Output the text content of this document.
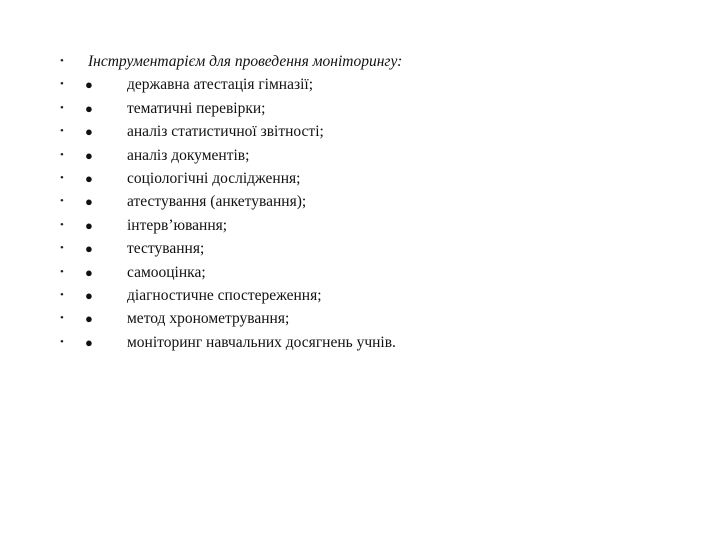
• Інструментарієм для проведення моніторингу:
• ● державна атестація гімназії;
• ● тематичні перевірки;
• ● аналіз статистичної звітності;
• ● аналіз документів;
• ● соціологічні дослідження;
• ● атестування (анкетування);
• ● інтерв’ювання;
• ● тестування;
• ● самооцінка;
• ● діагностичне спостереження;
• ● метод хронометрування;
• ● моніторинг навчальних досягнень учнів.
